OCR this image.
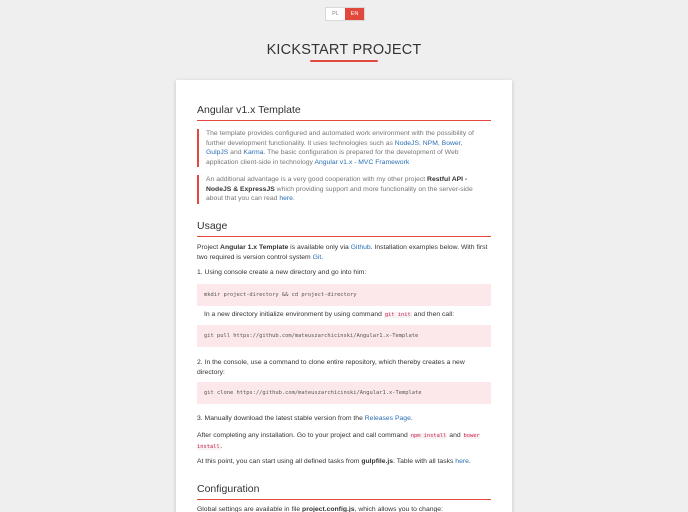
PL	EN
KICKSTART PROJECT
Angular v1.x Template
The template provides configured and automated work environment with the possibility of further development functionality. It uses technologies such as NodeJS, NPM, Bower, GulpJS and Karma. The basic configuration is prepared for the development of Web application client-side in technology Angular v1.x - MVC Framework
An additional advantage is a very good cooperation with my other project Restful API - NodeJS & ExpressJS which providing support and more functionality on the server-side about that you can read here.
Usage

Project Angular 1.x Template is available only via Github. Installation examples below. With first two required is version control system Git.

1. Using console create a new directory and go into him:

mkdir project-directory && cd project-directory

In a new directory initialize environment by using command git init and then call:

git pull https://github.com/mateuszarchicinski/Angular1.x-Template

2. In the console, use a command to clone entire repository, which thereby creates a new directory:

git clone https://github.com/mateuszarchicinski/Angular1.x-Template

3. Manually download the latest stable version from the Releases Page.

After completing any installation. Go to your project and call command npm install and bower install.

At this point, you can start using all defined tasks from gulpfile.js. Table with all tasks here.

Configuration

Global settings are available in file project.config.js, which allows you to change:
